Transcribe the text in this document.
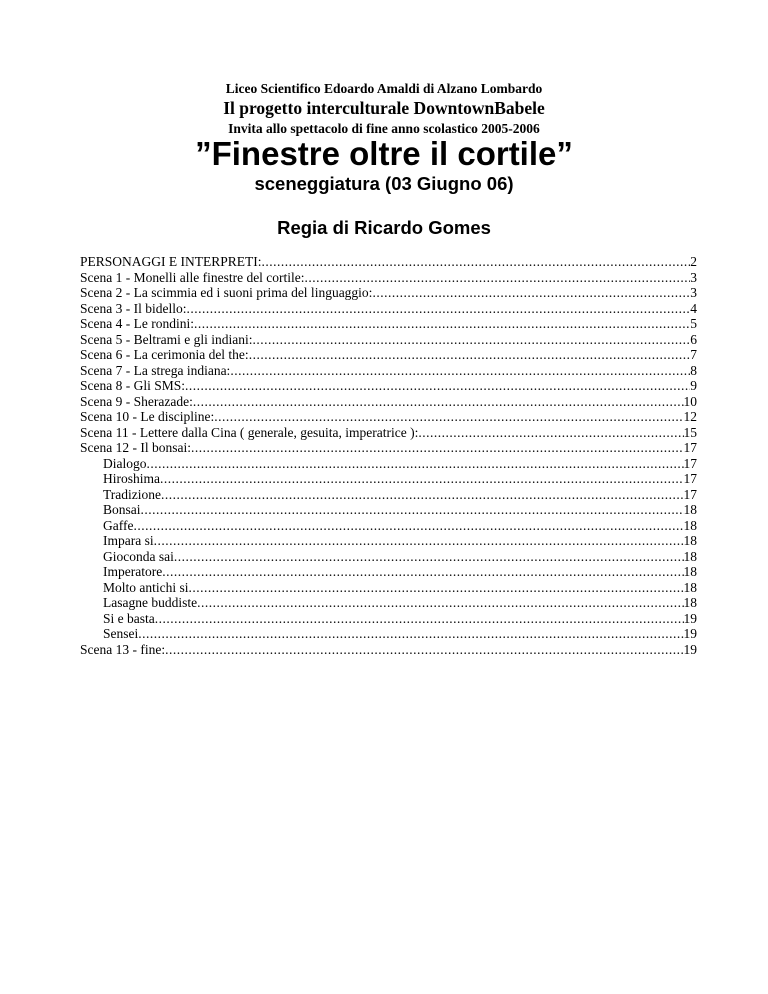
Liceo Scientifico Edoardo Amaldi di Alzano Lombardo
Il progetto interculturale DowntownBabele
Invita allo spettacolo di fine anno scolastico 2005-2006
”Finestre oltre il cortile”
sceneggiatura (03 Giugno 06)
Regia di Ricardo Gomes
PERSONAGGI E INTERPRETI: .....	2
Scena 1 - Monelli alle finestre del cortile: .....	3
Scena 2 - La scimmia ed i suoni prima del linguaggio: .....	3
Scena 3 - Il bidello: .....	4
Scena 4 - Le rondini: .....	5
Scena 5 - Beltrami e gli indiani: .....	6
Scena 6 - La cerimonia del the: .....	7
Scena 7 - La strega indiana: .....	8
Scena 8 - Gli SMS: .....	9
Scena 9 - Sherazade: .....	10
Scena 10 - Le discipline: .....	12
Scena 11 - Lettere dalla Cina ( generale, gesuita, imperatrice ): .....	15
Scena 12 - Il bonsai: .....	17
Dialogo .....	17
Hiroshima .....	17
Tradizione .....	17
Bonsai .....	18
Gaffe .....	18
Impara si .....	18
Gioconda sai .....	18
Imperatore .....	18
Molto antichi si .....	18
Lasagne buddiste .....	18
Si e basta .....	19
Sensei .....	19
Scena 13 - fine: .....	19
